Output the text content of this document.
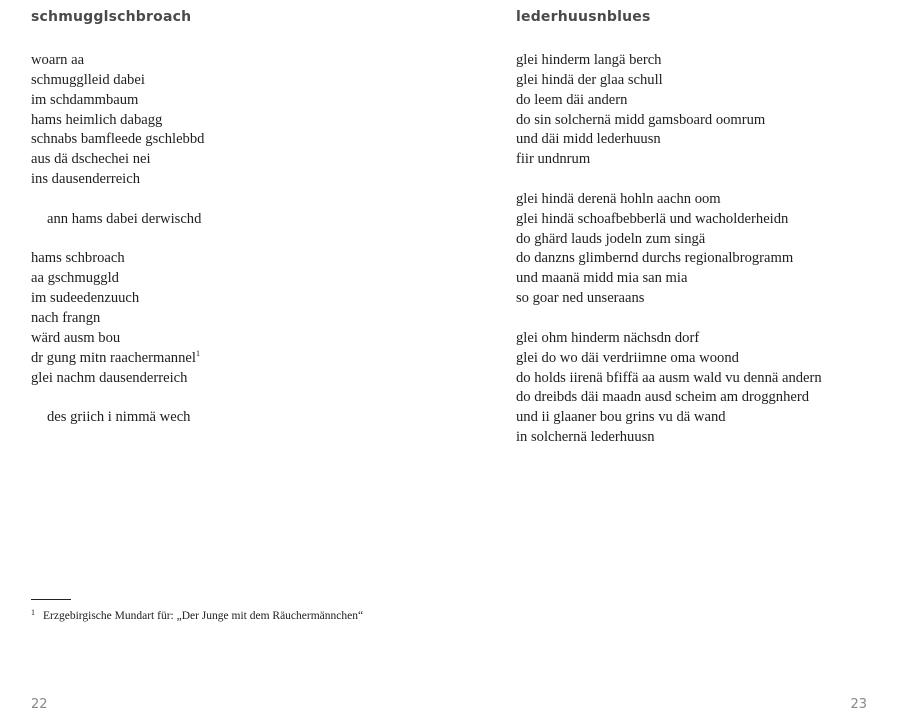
schmugglschbroach
woarn aa
schmugglleid dabei
im schdammbaum
hams heimlich dabagg
schnabs bamfleede gschlebbd
aus dä dschechei nei
ins dausenderreich
ann hams dabei derwischd
hams schbroach
aa gschmuggld
im sudeedenzuuch
nach frangn
wärd ausm bou
dr gung mitn raachermannel$^1$
glei nachm dausenderreich
des griich i nimmä wech
1 Erzgebirgische Mundart für: „Der Junge mit dem Räuchermännchen“
22
lederhuusnblues
glei hinderm langä berch
glei hindä der glaa schull
do leem däi andern
do sin solchernä midd gamsboard oomrum
und däi midd lederhuusn
fiir undnrum
glei hindä derenä hohln aachn oom
glei hindä schoafbebberlä und wacholderheidn
do ghärd lauds jodeln zum singä
do danzns glimbernd durchs regionalbrogramm
und maanä midd mia san mia
so goar ned unseraans
glei ohm hinderm nächsdn dorf
glei do wo däi verdriimne oma woond
do holds iirenä bfiffä aa ausm wald vu dennä andern
do dreibds däi maadn ausd scheim am droggnherd
und ii glaaner bou grins vu dä wand
in solchernä lederhuusn
23
